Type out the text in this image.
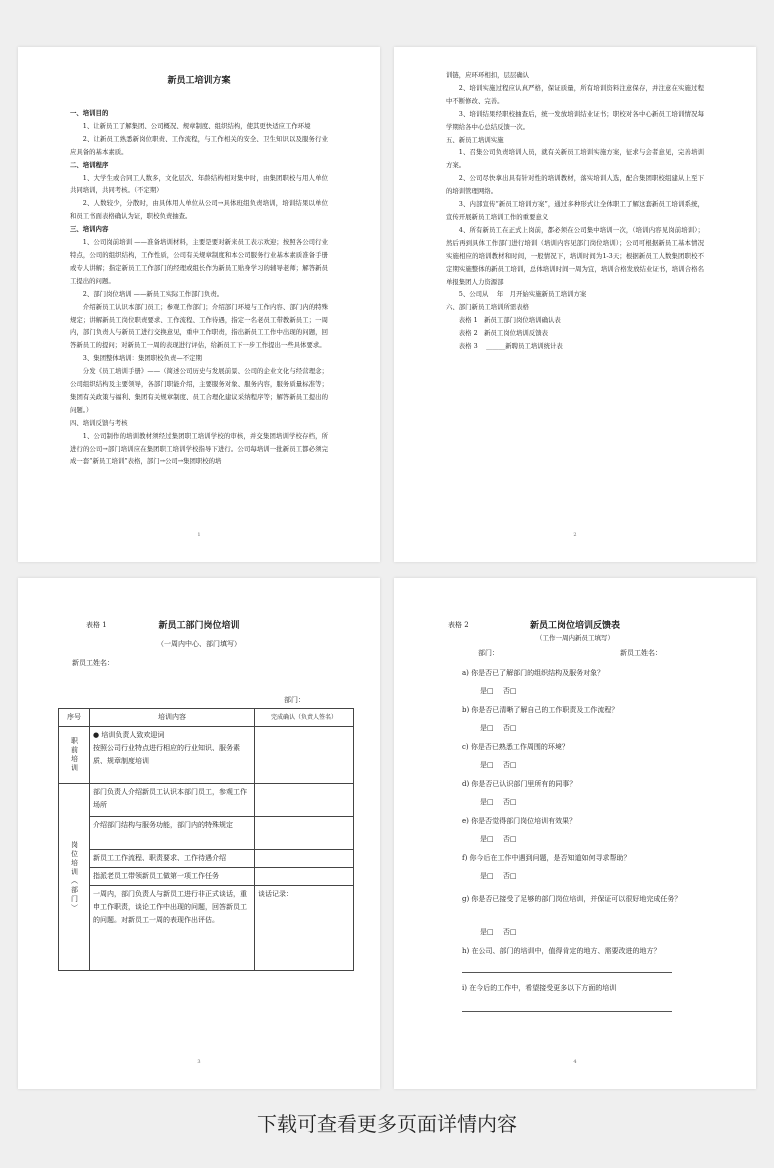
新员工培训方案

一、培训目的

1、让新员工了解集团、公司概况、规章制度、组织结构，使其更快适应工作环境

2、让新员工熟悉新岗位职责、工作流程，与工作相关的安全、卫生知识以及服务行业应具备的基本素质。

二、培训程序

1、大学生或合同工人数多，文化层次、年龄结构相对集中时，由集团职校与用人单位共同培训，共同考核。（不定期）

2、人数较少，分散时，由具体用人单位从公司→具体班组负责培训，培训结果以单位和员工书面表格确认为证，职校负责抽查。

三、培训内容

1、公司岗前培训 ——准备培训材料，主要是要对新来员工表示欢迎；按照各公司行业特点，公司的组织结构，工作性质，公司有关规章制度和本公司服务行业基本素质准备手册或专人讲解；指定新员工工作部门的经理或组长作为新员工贴身学习的辅导老师；解答新员工提出的问题。

2、部门岗位培训 ——新员工实际工作部门负责。

介绍新员工认识本部门员工；参观工作部门；介绍部门环境与工作内容、部门内的特殊规定；讲解新员工岗位职责要求、工作流程、工作待遇，指定一名老员工带教新员工；一周内，部门负责人与新员工进行交换意见，重申工作职责，指出新员工工作中出现的问题，回答新员工的提问；对新员工一周的表现进行评估，给新员工下一步工作提出一些具体要求。

3、集团整体培训：集团职校负责—不定期

分发《员工培训手册》——（简述公司历史与发展前景、公司的企业文化与经营理念；公司组织结构及主要领导，各部门职能介绍，主要服务对象、服务内容，服务质量标准等；集团有关政策与福利、集团有关规章制度、员工合理化建议采纳程序等；解答新员工提出的问题。）

四、培训反馈与考核

1、公司制作的培训教材须经过集团职工培训学校的审核，并交集团培训学校存档，所进行的公司→部门培训应在集团职工培训学校指导下进行。公司每培训一批新员工都必须完成一套“新员工培训”表格，部门→公司→集团职校的培

1

训链，应环环相扣，层层确认

2、培训实施过程应认真严格，保证质量，所有培训资料注意保存，并注意在实施过程中不断修改、完善。

3、培训结果经职校抽查后，统一发放培训结业证书；职校对各中心新员工培训情况每学期给各中心总结反馈一次。

五、新员工培训实施

1、召集公司负责培训人员，就有关新员工培训实施方案，征求与会者意见，完善培训方案。

2、公司尽快拿出具有针对性的培训教材，落实培训人选，配合集团职校组建从上至下的培训管理网络。

3、内部宣传“新员工培训方案”，通过多种形式让全体职工了解这套新员工培训系统，宣传开展新员工培训工作的重要意义

4、所有新员工在正式上岗前，都必须在公司集中培训一次，（培训内容见岗前培训）；然后再到具体工作部门进行培训（培训内容见部门岗位培训）；公司可根据新员工基本情况实施相应的培训教材和时间，一般情况下，培训时间为1-3天；根据新员工人数集团职校不定期实施整体的新员工培训，总体培训时间一周为宜，培训合格发放结业证书，培训合格名单报集团人力资源部

5、公司从　 年　月开始实施新员工培训方案

六、部门新员工培训所需表格

表格 1　新员工部门岗位培训确认表

表格 2　新员工岗位培训反馈表

表格 3　 ______新聘员工培训统计表

2
表格 1	新员工部门岗位培训
（一周内中心、部门填写）
新员工姓名：
部门：
序号	培训内容	完成确认（负责人签名）

职前培训	● 培训负责人致欢迎词
按照公司行业特点进行相应的行业知识、服务素质、规章制度培训	

岗位培训（部门）	部门负责人介绍新员工认识本部门员工，参观工作场所	
	介绍部门结构与服务功能，部门内的特殊规定	
	新员工工作流程、职责要求、工作待遇介绍	
	指派老员工带领新员工做第一项工作任务	
	一周内，部门负责人与新员工进行非正式谈话，重申工作职责，谈论工作中出现的问题，回答新员工的问题。对新员工一周的表现作出评估。	谈话记录：
3
表格 2	新员工岗位培训反馈表
（工作一周内新员工填写）
部门：	新员工姓名：
a) 你是否已了解部门的组织结构及服务对象？
是□　 否□
b) 你是否已清晰了解自己的工作职责及工作流程？
是□　 否□
c) 你是否已熟悉工作周围的环境？
是□　 否□
d) 你是否已认识部门里所有的同事？
是□　 否□
e) 你是否觉得部门岗位培训有效果？
是□　 否□
f) 你今后在工作中遇到问题，是否知道如何寻求帮助？
是□　 否□
g) 你是否已接受了足够的部门岗位培训，并保证可以很好地完成任务？
是□　 否□
h) 在公司、部门的培训中，值得肯定的地方、需要改进的地方？
i) 在今后的工作中，希望接受更多以下方面的培训
4
下载可查看更多页面详情内容
